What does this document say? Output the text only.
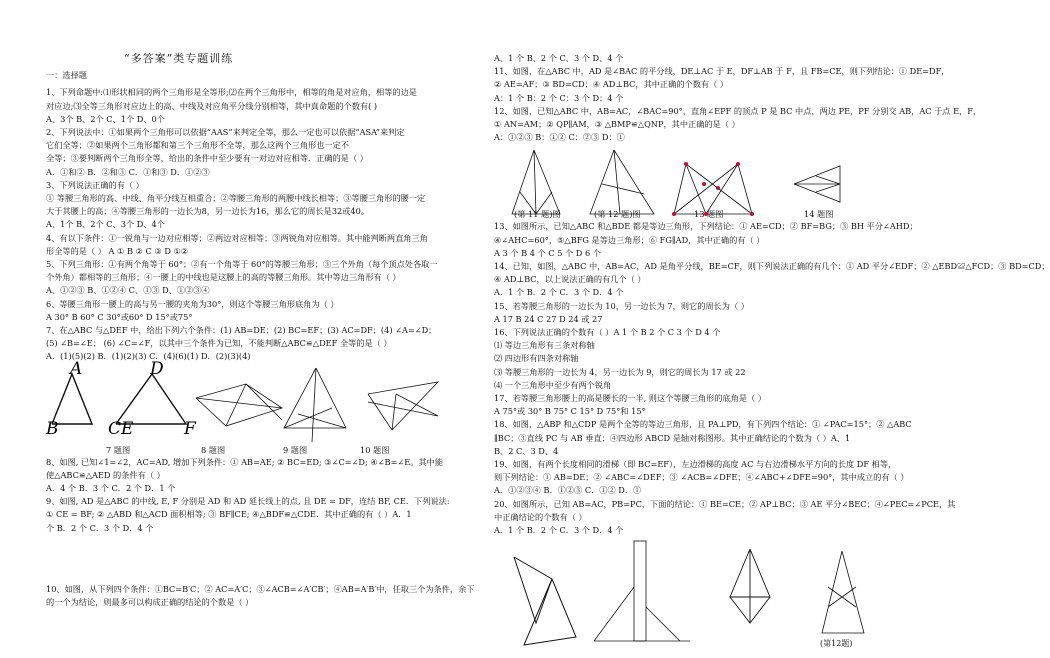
“多答案”类专题训练
一：选择题
1、下列命题中:⑴形状相同的两个三角形是全等形;⑵在两个三角形中，相等的角是对应角，相等的边是
对应边;⑶全等三角形对应边上的高、中线及对应角平分线分别相等，其中真命题的个数有( )
A、3个 B、2个 C、1个 D、0个
2、下列说法中：①如果两个三角形可以依据“AAS”来判定全等，那么一定也可以依据“ASA”来判定
它们全等；②如果两个三角形都和第三个三角形不全等，那么这两个三角形也一定不
全等；③要判断两个三角形全等，给出的条件中至少要有一对边对应相等．正确的是（ ）
A．①和② B．②和③ C．①和③ D．①②③
3、下列说法正确的有（ ）
① 等腰三角形的高、中线、角平分线互相重合；②等腰三角形的两腰中线长相等；③等腰三角形的腰一定
大于其腰上的高；④等腰三角形的一边长为8，另一边长为16，那么它的周长是32或40。
A、1个 B、2个 C、3个 D、4个
4、有以下条件：①一锐角与一边对应相等；②两边对应相等；③两锐角对应相等。其中能判断两直角三角
形全等的是（ ） A ① B ② C ③ D ①②
5、下列三角形：①有两个角等于 60°；②有一个角等于 60°的等腰三角形；③三个外角（每个顶点处各取一
个外角）都相等的三角形；④一腰上的中线也是这腰上的高的等腰三角形。其中等边三角形有（ ）
A、①②③ B、①②④ C、①③ D、①②③④
6、等腰三角形一腰上的高与另一腰的夹角为30°，则这个等腰三角形底角为（ ）
A 30° B 60° C 30°或60° D 15°或75°
7、在△ABC 与△DEF 中，给出下列六个条件：(1) AB=DE；(2) BC=EF；(3) AC=DF；(4) ∠A=∠D；
(5) ∠B=∠E； (6) ∠C=∠F，以其中三个条件为已知，不能判断△ABC≌△DEF 全等的是（ ）
A．(1)(5)(2) B．(1)(2)(3) C．(4)(6)(1) D．(2)(3)(4)
A
B	CE
D
F
7 题图	8 题图	9 题图	10 题图
8、如图, 已知∠1=∠2，AC=AD, 增加下列条件：① AB=AE; ② BC=ED; ③∠C=∠D; ④∠B=∠E。其中能
使△ABC≌△AED 的条件有（ ）
A．4 个 B．3 个 C．2 个 D．1 个
9、如图, AD 是△ABC 的中线, E, F 分别是 AD 和 AD 延长线上的点, 且 DE = DF，连结 BF, CE．下列说法:
① CE = BF; ② △ABD 和△ACD 面积相等; ③ BF∥CE; ④△BDF≌△CDE．其中正确的有（ ）A．1
个 B．2 个 C．3 个 D．4 个
10、如图，从下列四个条件：①BC=B′C；② AC=A′C；③∠ACB=∠A′CB′；④AB=A′B′中，任取三个为条件，余下
的一个为结论，则最多可以构成正确的结论的个数是（ ）
A、1 个 B、2 个 C、3 个 D、4 个
11、如图，在△ABC 中，AD 是∠BAC 的平分线，DE⊥AC 于 E，DF⊥AB 于 F，且 FB=CE，则下列结论：① DE=DF，
② AE=AF；③ BD=CD；④ AD⊥BC，其中正确的个数有（ ）
A：1 个 B：2 个 C：3 个 D：4 个
12、如图，已知△ABC 中，AB=AC，∠BAC=90°，直角∠EPF 的顶点 P 是 BC 中点，两边 PE，PF 分别交 AB，AC 于点 E，F，
① AN=AM；② QP∥AM，③ △BMP≌△QNP，其中正确的是（ ）
A：①②③ B：①② C：②③ D：①
(第 11 题)图	(第 12 题)图	13 题图	14 题图
13、如图所示，已知△ABC 和△BDE 都是等边三角形，下列结论：① AE=CD；② BF=BG；③ BH 平分∠AHD；
④∠AHC=60°，⑤△BFG 是等边三角形；⑥ FG∥AD，其中正确的有（ ）
A 3 个 B 4 个 C 5 个 D 6 个
14、已知，如图，△ABC 中，AB=AC，AD 是角平分线，BE=CF，则下列说法正确的有几个：① AD 平分∠EDF；② △EBD≌△FCD；③ BD=CD；
④ AD⊥BC，以上说法正确的有几个（ ）
A．1 个 B．2 个 C．3 个 D．4 个
15、若等腰三角形的一边长为 10，另一边长为 7，则它的周长为（ ）
A 17 B 24 C 27 D 24 或 27
16、下列说法正确的个数有（ ）A 1 个 B 2 个 C 3 个 D 4 个
⑴ 等边三角形有三条对称轴
⑵ 四边形有四条对称轴
⑶ 等腰三角形的一边长为 4，另一边长为 9，则它的周长为 17 或 22
⑷ 一个三角形中至少有两个锐角
17、若等腰三角形腰上的高是腰长的一半, 则这个等腰三角形的底角是（ ）
A 75°或 30° B 75° C 15° D 75°和 15°
18、如图，△ABP 和△CDP 是两个全等的等边三角形，且 PA⊥PD，有下列四个结论：① ∠PAC=15°；② △ABC
∥BC；③直线 PC 与 AB 垂直；④四边形 ABCD 是轴对称图形。其中正确结论的个数为（ ）A、1
B、2 C、3 D、4
19、如图，有两个长度相同的滑梯（即 BC=EF），左边滑梯的高度 AC 与右边滑梯水平方向的长度 DF 相等，
则下列结论：① AB=DE；② ∠ABC=∠DEF；③ ∠ACB=∠DFE；④∠ABC+∠DFE=90°，其中成立的有（ ）
A．①②③④ B．①②③ C．①② D．①
20、如图所示，已知 AB=AC，PB=PC，下面的结论：① BE=CE；② AP⊥BC；③ AE 平分∠BEC；④∠PEC=∠PCE，其
中正确结论的个数有（ ）
A．1 个 B．2 个 C．3 个 D．4 个
(第12题)
